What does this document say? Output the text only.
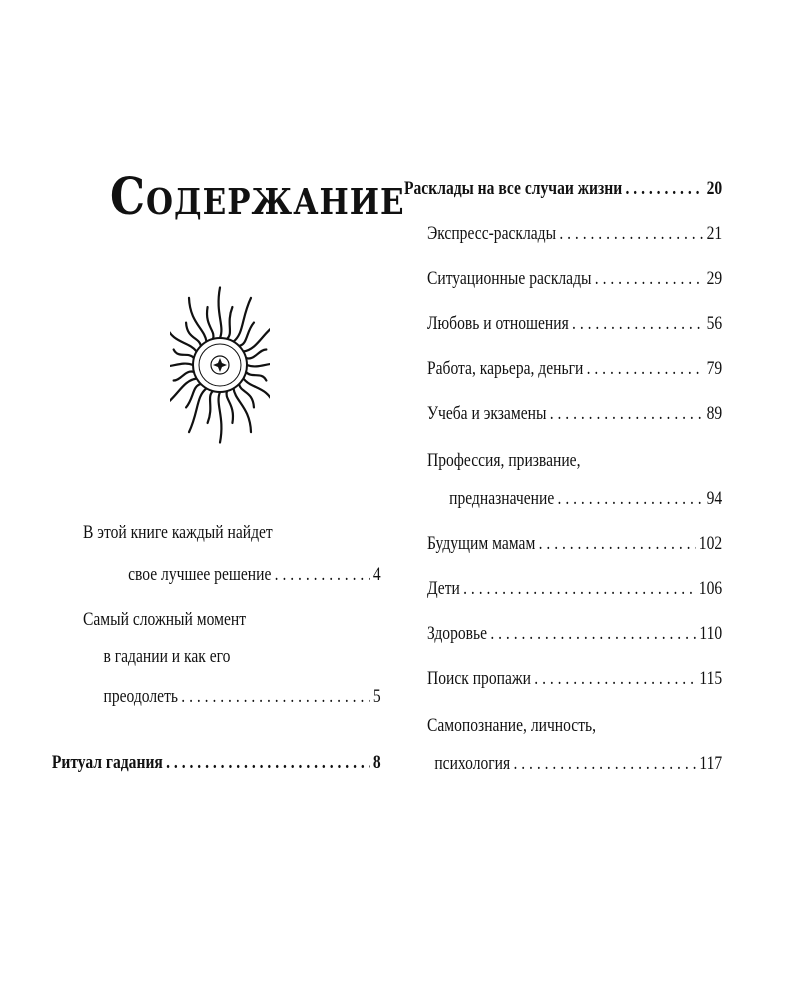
Содержание
В этой книге каждый найдет
свое лучшее решение . . .	4
Самый сложный момент
в гадании и как его
преодолеть . . .	5
Ритуал гадания . . .	8
Расклады на все случаи жизни . . .	20
Экспресс-расклады . . .	21
Ситуационные расклады . . .	29
Любовь и отношения . . .	56
Работа, карьера, деньги . . .	79
Учеба и экзамены . . .	89
Профессия, призвание,
предназначение . . .	94
Будущим мамам . . .	102
Дети . . .	106
Здоровье . . .	110
Поиск пропажи . . .	115
Самопознание, личность,
психология . . .	117
